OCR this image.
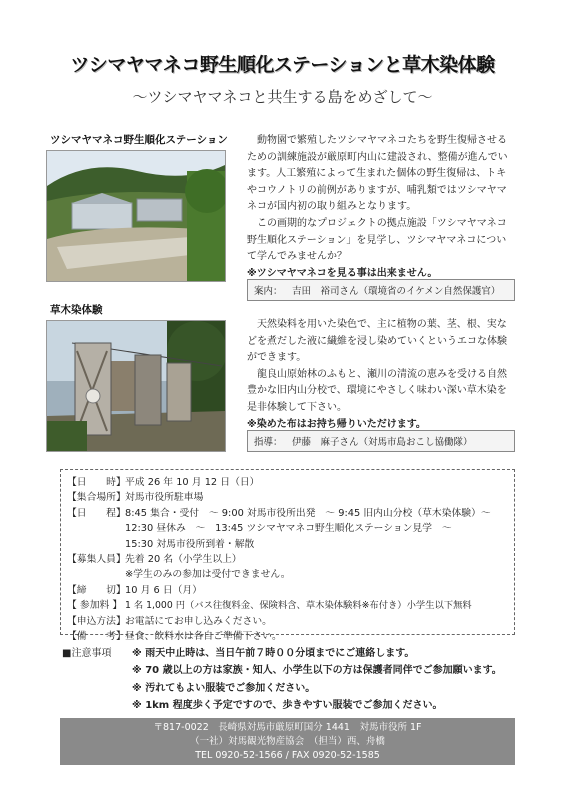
ツシマヤマネコ野生順化ステーションと草木染体験
～ツシマヤマネコと共生する島をめざして～
ツシマヤマネコ野生順化ステーション	動物園で繁殖したツシマヤマネコたちを野生復帰させるための訓練施設が厳原町内山に建設され、整備が進んでいます。人工繁殖によって生まれた個体の野生復帰は、トキやコウノトリの前例がありますが、哺乳類ではツシマヤマネコが国内初の取り組みとなります。

この画期的なプロジェクトの拠点施設「ツシマヤマネコ野生順化ステーション」を見学し、ツシマヤマネコについて学んでみませんか？

※ツシマヤマネコを見る事は出来ません。

案内： 吉田　裕司さん（環境省のイケメン自然保護官）
草木染体験

天然染料を用いた染色で、主に植物の葉、茎、根、実などを煮だした液に繊維を浸し染めていくというエコな体験ができます。

龍良山原始林のふもと、瀬川の清流の恵みを受ける自然豊かな旧内山分校で、環境にやさしく味わい深い草木染を是非体験して下さい。

※染めた布はお持ち帰りいただけます。

指導： 伊藤　麻子さん（対馬市島おこし協働隊）
【日　　時】 平成 26 年 10 月 12 日（日）
【集合場所】 対馬市役所駐車場
【日　　程】 8:45 集合・受付　～ 9:00 対馬市役所出発　～ 9:45 旧内山分校（草木染体験）～
12:30 昼休み　～　13:45 ツシマヤマネコ野生順化ステーション見学　～
15:30 対馬市役所到着・解散
【募集人員】 先着 20 名（小学生以上）
※学生のみの参加は受付できません。
【締　　切】 10 月 6 日（月）
【 参加料 】 1 名 1,000 円（バス往復料金、保険料含、草木染体験料※布付き）小学生以下無料
【申込方法】 お電話にてお申し込みください。
【備　　考】 昼食、飲料水は各自ご準備下さい。
■注意事項	※ 雨天中止時は、当日午前７時００分頃までにご連絡します。
※ 70 歳以上の方は家族・知人、小学生以下の方は保護者同伴でご参加願います。
※ 汚れてもよい服装でご参加ください。
※ 1km 程度歩く予定ですので、歩きやすい服装でご参加ください。
〒817-0022　長崎県対馬市厳原町国分 1441　対馬市役所 1F
（一社）対馬観光物産協会　（担当）西、舟橋
TEL 0920-52-1566 / FAX 0920-52-1585
